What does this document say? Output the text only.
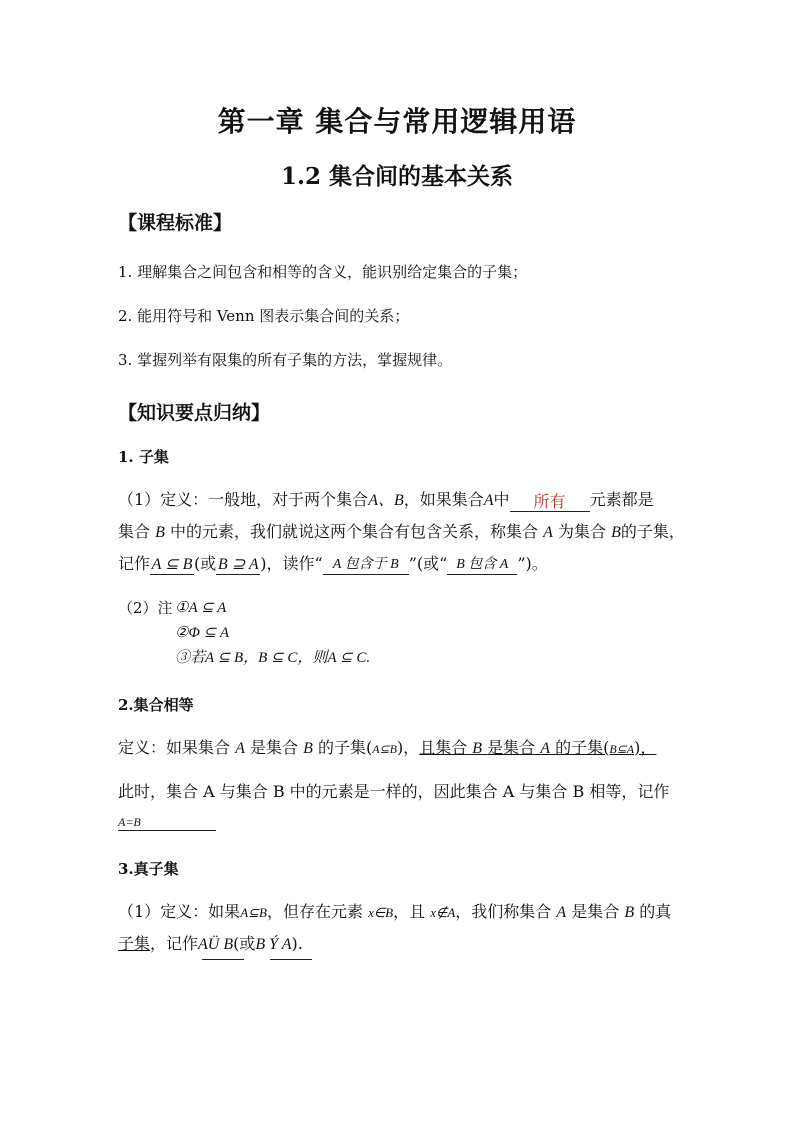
第一章 集合与常用逻辑用语
1.2 集合间的基本关系
【课程标准】
1. 理解集合之间包含和相等的含义，能识别给定集合的子集；
2. 能用符号和 Venn 图表示集合间的关系；
3. 掌握列举有限集的所有子集的方法，掌握规律。
【知识要点归纳】
1. 子集
（1）定义：一般地，对于两个集合A、B，如果集合A中 所有 元素都是
集合 B 中的元素，我们就说这两个集合有包含关系，称集合 A 为集合 B的子集，
记作 A ⊆ B (或 B ⊇ A )，读作“ A 包含于 B ”(或“ B 包含 A ”)。
（2）注 ①A ⊆ A
②Φ ⊆ A
③若A ⊆ B，B ⊆ C，则A ⊆ C.
2.集合相等
定义：如果集合 A 是集合 B 的子集(A⊆B)，且集合 B 是集合 A 的子集(B⊆A)，
此时，集合 A 与集合 B 中的元素是一样的，因此集合 A 与集合 B 相等，记作
A=B
3.真子集
（1）定义：如果A⊆B，但存在元素 x∈B，且 x∉A，我们称集合 A 是集合 B 的真
子集，记作AÜ B(或B Ý A).
